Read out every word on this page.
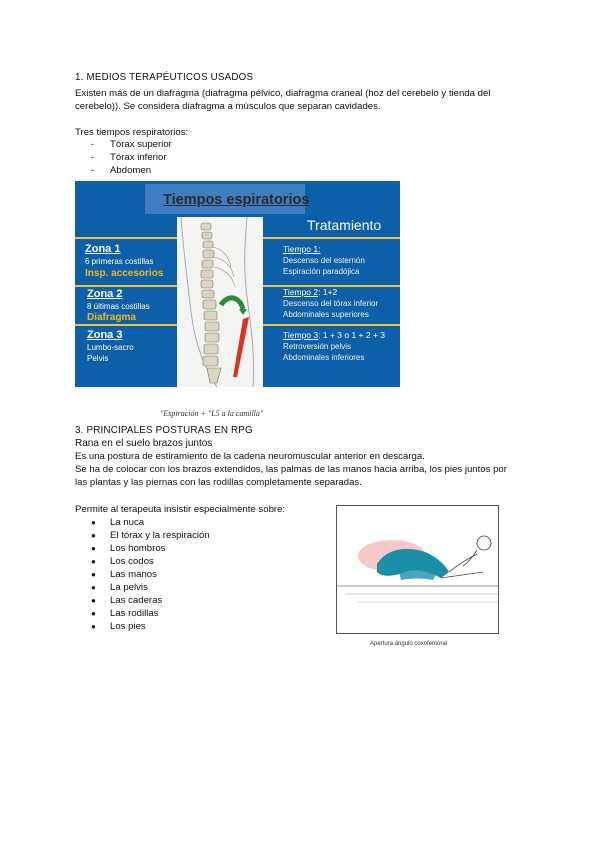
1. MEDIOS TERAPÉUTICOS USADOS
Existen más de un diafragma (diafragma pélvico, diafragma craneal (hoz del cerebelo y tienda del
cerebelo)). Se considera diafragma a músculos que separan cavidades.
Tres tiempos respiratorios:
- Tórax superior
- Tórax inferior
- Abdomen
Tiempos espiratorios
Tratamiento
Zona 1
6 primeras costillas
Insp. accesorios
Zona 2
8 últimas costillas
Diafragma
Zona 3
Lumbo-sacro
Pelvis
Tiempo 1:
Descenso del esternón
Espiración paradójica
Tiempo 2: 1+2
Descenso del tórax inferior
Abdominales superiores
Tiempo 3: 1 + 3 o 1 + 2 + 3
Retroversión pelvis
Abdominales inferiores
"Espiración + "L5 a la camilla"
3. PRINCIPALES POSTURAS EN RPG
Rana en el suelo brazos juntos
Es una postura de estiramiento de la cadena neuromuscular anterior en descarga.
Se ha de colocar con los brazos extendidos, las palmas de las manos hacia arriba, los pies juntos por
las plantas y las piernas con las rodillas completamente separadas.
Permite al terapeuta insistir especialmente sobre:
● La nuca
● El tórax y la respiración
● Los hombros
● Los codos
● Las manos
● La pelvis
● Las caderas
● Las rodillas
● Los pies
Apertura ángulo coxofemoral
